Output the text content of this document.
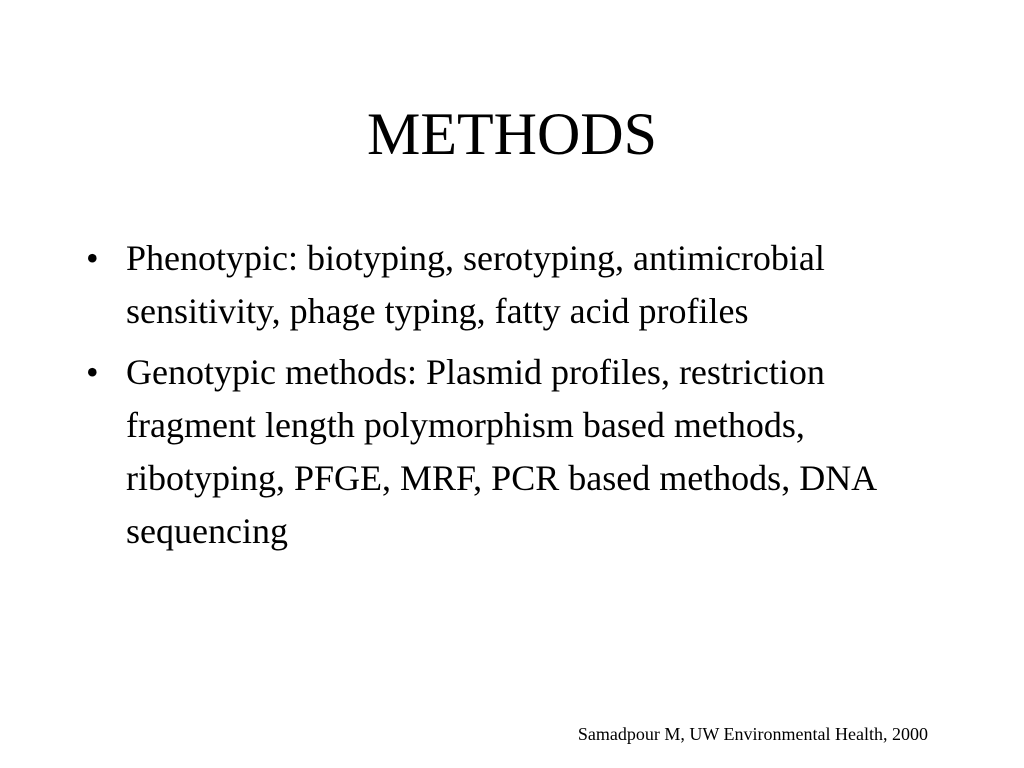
METHODS
• Phenotypic: biotyping, serotyping, antimicrobial sensitivity, phage typing, fatty acid profiles
• Genotypic methods: Plasmid profiles, restriction fragment length polymorphism based methods, ribotyping, PFGE, MRF, PCR based methods, DNA sequencing
Samadpour M, UW Environmental Health, 2000
